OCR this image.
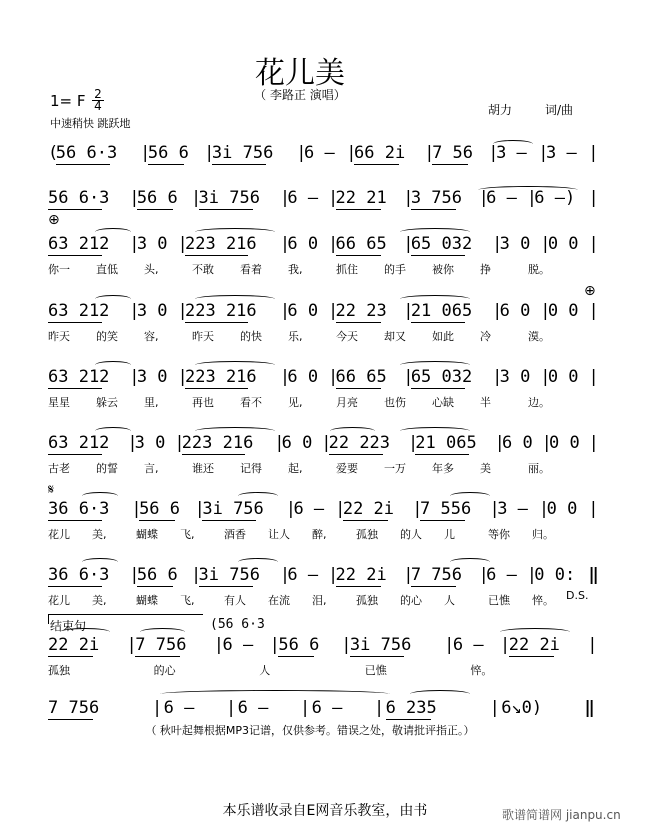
花儿美
（ 李路正 演唱）
1= F 2
4
中速稍快 跳跃地
胡力	词/曲
(
56 6·3 |
56 6 |
3i 756 |
6 – |
66 2i |
7 56 |
3 – |
3 – |
56 6·3 |
56 6 |
3i 756 |
6 – |
22 21 |
3 756 |
6 – |
6 –) |
63 212 |
3 0 |
223 216 |
6 0 |
66 65 |
65 032 |
3 0 |
0 0 |
你一 直低 头,	不敢 看着 我,	抓住 的手 被你 挣	脱。
63 212 |
3 0 |
223 216 |
6 0 |
22 23 |
21 065 |
6 0 |
0 0 |
昨天 的笑 容,	昨天 的快 乐,	今天 却又 如此 冷	漠。
63 212 |
3 0 |
223 216 |
6 0 |
66 65 |
65 032 |
3 0 |
0 0 |
星星 躲云 里,	再也 看不 见,	月亮 也伤 心缺 半	边。
63 212 |
3 0 |
223 216 |
6 0 |
22 223 |
21 065 |
6 0 |
0 0 |
古老 的誓 言,	谁还 记得 起,	爱要 一万 年多 美	丽。
36 6·3 |
56 6 |
3i 756 |
6 – |
22 2i |
7 556 |
3 – |
0 0 |
花儿 美,	蝴蝶 飞,	酒香 让人 醉,	孤独 的人 儿	等你 归。
36 6·3 |
56 6 |
3i 756 |
6 – |
22 2i |
7 756 |
6 – |
0 0: ‖
花儿 美,	蝴蝶 飞,	有人 在流 泪,	孤独 的心 人	已憔 悴。
22 2i |
7 756 |
6 – |
56 6 |
3i 756 |
6 – |
22 2i |
孤独	的心	人	已憔	悴。
7 756	| 6 – | 6 – | 6 – | 6 235	| 6↘0) ‖
⊕
⊕
𝄋
D.S.
结束句	(56 6·3
（ 秋叶起舞根据MP3记谱，仅供参考。错误之处，敬请批评指正。）
本乐谱收录自E网音乐教室，由书	歌谱简谱网 jianpu.cn
